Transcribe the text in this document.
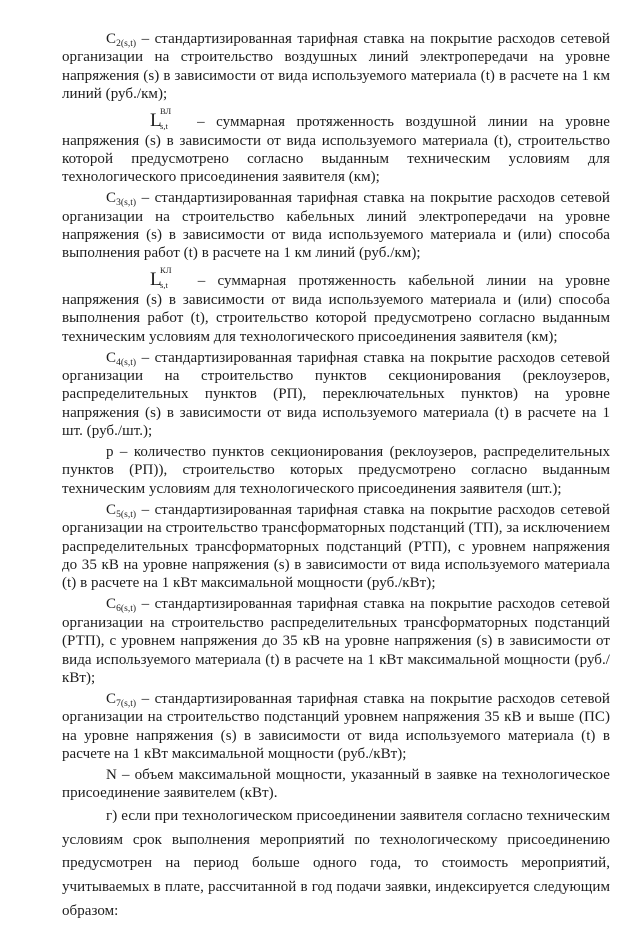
$C_{2(s,t)}$ – стандартизированная тарифная ставка на покрытие расходов сетевой организации на строительство воздушных линий электропередачи на уровне напряжения (s) в зависимости от вида используемого материала (t) в расчете на 1 км линий (руб./км);

L
ВЛ
s,t – суммарная протяженность воздушной линии на уровне напряжения (s) в зависимости от вида используемого материала (t), строительство которой предусмотрено согласно выданным техническим условиям для технологического присоединения заявителя (км);

$C_{3(s,t)}$ – стандартизированная тарифная ставка на покрытие расходов сетевой организации на строительство кабельных линий электропередачи на уровне напряжения (s) в зависимости от вида используемого материала и (или) способа выполнения работ (t) в расчете на 1 км линий (руб./км);

L
КЛ
s,t – суммарная протяженность кабельной линии на уровне напряжения (s) в зависимости от вида используемого материала и (или) способа выполнения работ (t), строительство которой предусмотрено согласно выданным техническим условиям для технологического присоединения заявителя (км);

$C_{4(s,t)}$ – стандартизированная тарифная ставка на покрытие расходов сетевой организации на строительство пунктов секционирования (реклоузеров, распределительных пунктов (РП), переключательных пунктов) на уровне напряжения (s) в зависимости от вида используемого материала (t) в расчете на 1 шт. (руб./шт.);

p – количество пунктов секционирования (реклоузеров, распределительных пунктов (РП)), строительство которых предусмотрено согласно выданным техническим условиям для технологического присоединения заявителя (шт.);

$C_{5(s,t)}$ – стандартизированная тарифная ставка на покрытие расходов сетевой организации на строительство трансформаторных подстанций (ТП), за исключением распределительных трансформаторных подстанций (РТП), с уровнем напряжения до 35 кВ на уровне напряжения (s) в зависимости от вида используемого материала (t) в расчете на 1 кВт максимальной мощности (руб./кВт);

$C_{6(s,t)}$ – стандартизированная тарифная ставка на покрытие расходов сетевой организации на строительство распределительных трансформаторных подстанций (РТП), с уровнем напряжения до 35 кВ на уровне напряжения (s) в зависимости от вида используемого материала (t) в расчете на 1 кВт максимальной мощности (руб./кВт);

$C_{7(s,t)}$ – стандартизированная тарифная ставка на покрытие расходов сетевой организации на строительство подстанций уровнем напряжения 35 кВ и выше (ПС) на уровне напряжения (s) в зависимости от вида используемого материала (t) в расчете на 1 кВт максимальной мощности (руб./кВт);

N – объем максимальной мощности, указанный в заявке на технологическое присоединение заявителем (кВт).

г) если при технологическом присоединении заявителя согласно техническим условиям срок выполнения мероприятий по технологическому присоединению предусмотрен на период больше одного года, то стоимость мероприятий, учитываемых в плате, рассчитанной в год подачи заявки, индексируется следующим образом:
